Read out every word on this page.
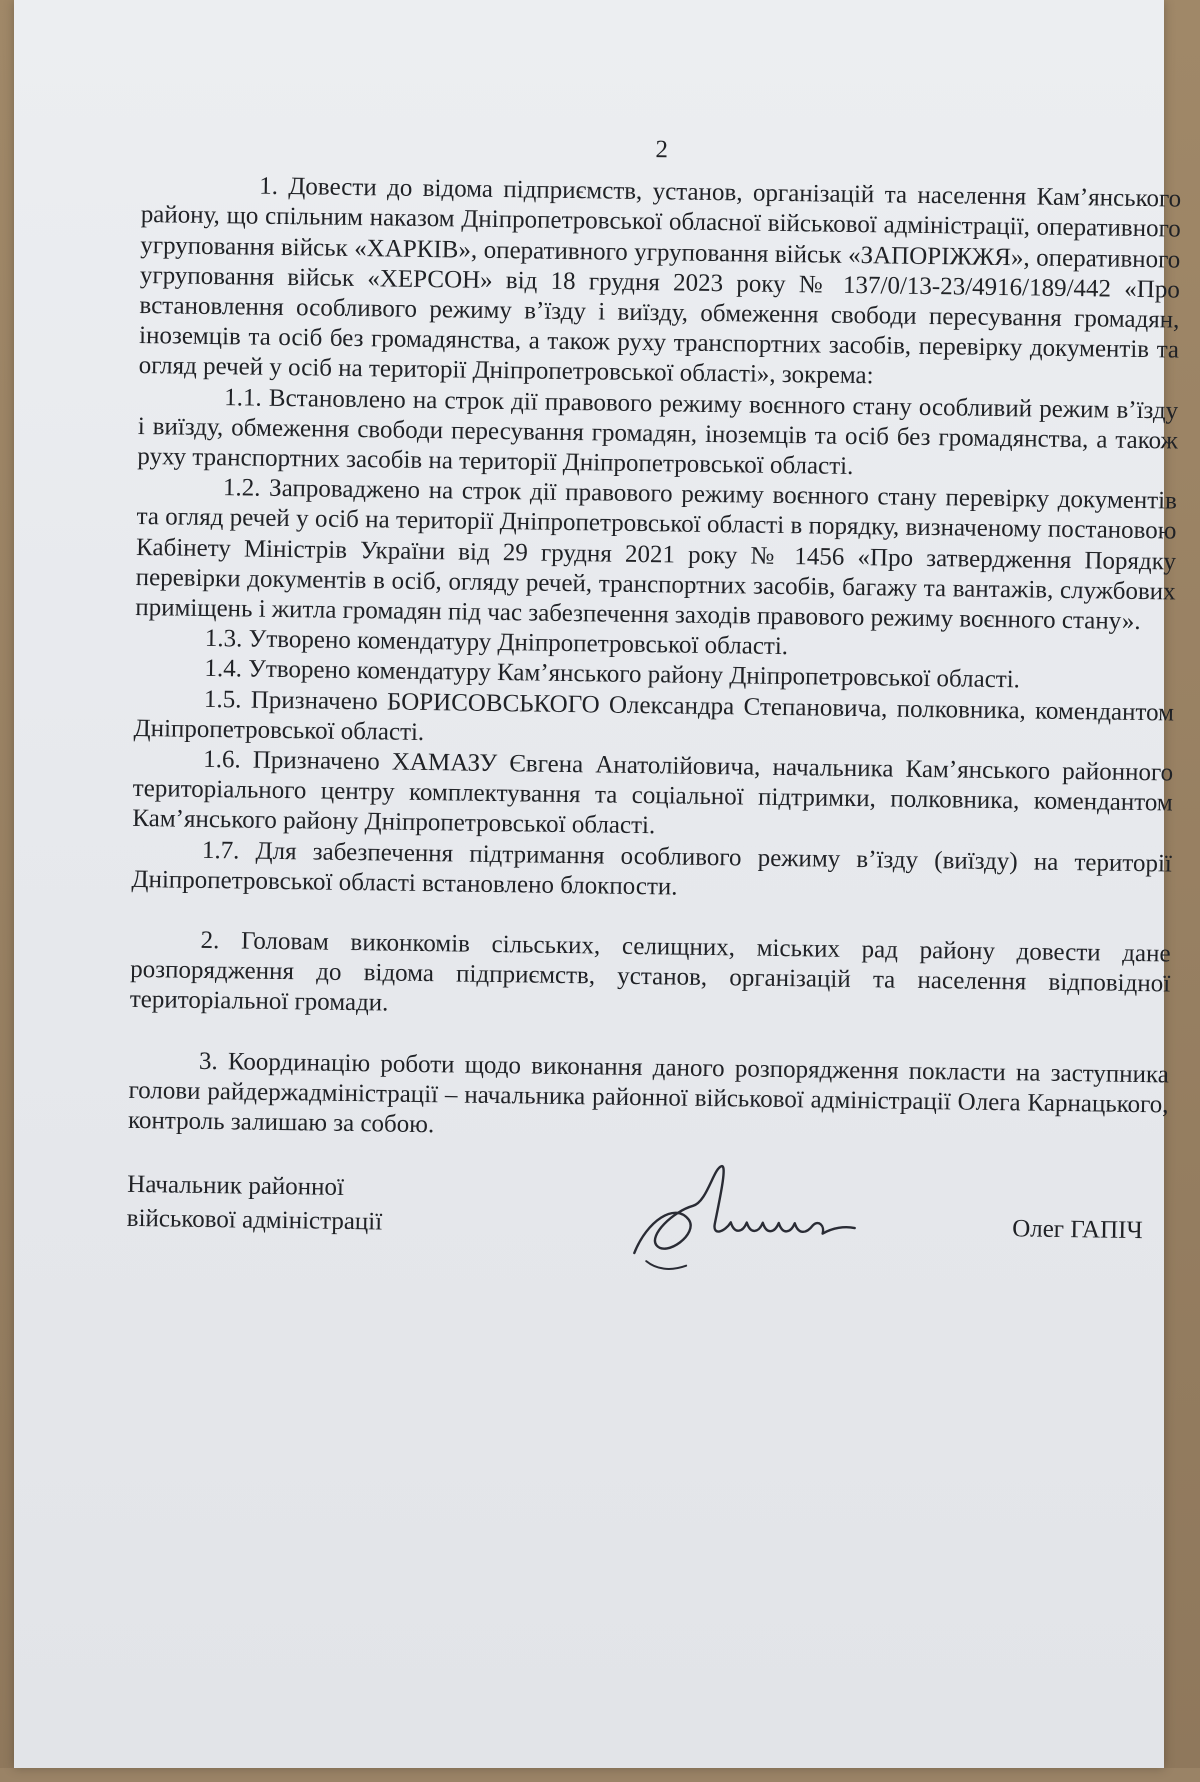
2

1. Довести до відома підприємств, установ, організацій та населення Кам’янського району, що спільним наказом Дніпропетровської обласної військової адміністрації, оперативного угруповання військ «ХАРКІВ», оперативного угруповання військ «ЗАПОРІЖЖЯ», оперативного угруповання військ «ХЕРСОН» від 18 грудня 2023 року № 137/0/13-23/4916/189/442 «Про встановлення особливого режиму в’їзду і виїзду, обмеження свободи пересування громадян, іноземців та осіб без громадянства, а також руху транспортних засобів, перевірку документів та огляд речей у осіб на території Дніпропетровської області», зокрема:

1.1. Встановлено на строк дії правового режиму воєнного стану особливий режим в’їзду і виїзду, обмеження свободи пересування громадян, іноземців та осіб без громадянства, а також руху транспортних засобів на території Дніпропетровської області.

1.2. Запроваджено на строк дії правового режиму воєнного стану перевірку документів та огляд речей у осіб на території Дніпропетровської області в порядку, визначеному постановою Кабінету Міністрів України від 29 грудня 2021 року № 1456 «Про затвердження Порядку перевірки документів в осіб, огляду речей, транспортних засобів, багажу та вантажів, службових приміщень і житла громадян під час забезпечення заходів правового режиму воєнного стану».

1.3. Утворено комендатуру Дніпропетровської області.

1.4. Утворено комендатуру Кам’янського району Дніпропетровської області.

1.5. Призначено БОРИСОВСЬКОГО Олександра Степановича, полковника, комендантом Дніпропетровської області.

1.6. Призначено ХАМАЗУ Євгена Анатолійовича, начальника Кам’янського районного територіального центру комплектування та соціальної підтримки, полковника, комендантом Кам’янського району Дніпропетровської області.

1.7. Для забезпечення підтримання особливого режиму в’їзду (виїзду) на території Дніпропетровської області встановлено блокпости.

2. Головам виконкомів сільських, селищних, міських рад району довести дане розпорядження до відома підприємств, установ, організацій та населення відповідної територіальної громади.

3. Координацію роботи щодо виконання даного розпорядження покласти на заступника голови райдержадміністрації – начальника районної військової адміністрації Олега Карнацького, контроль залишаю за собою.

Начальник районної
військової адміністрації	Олег ГАПІЧ
